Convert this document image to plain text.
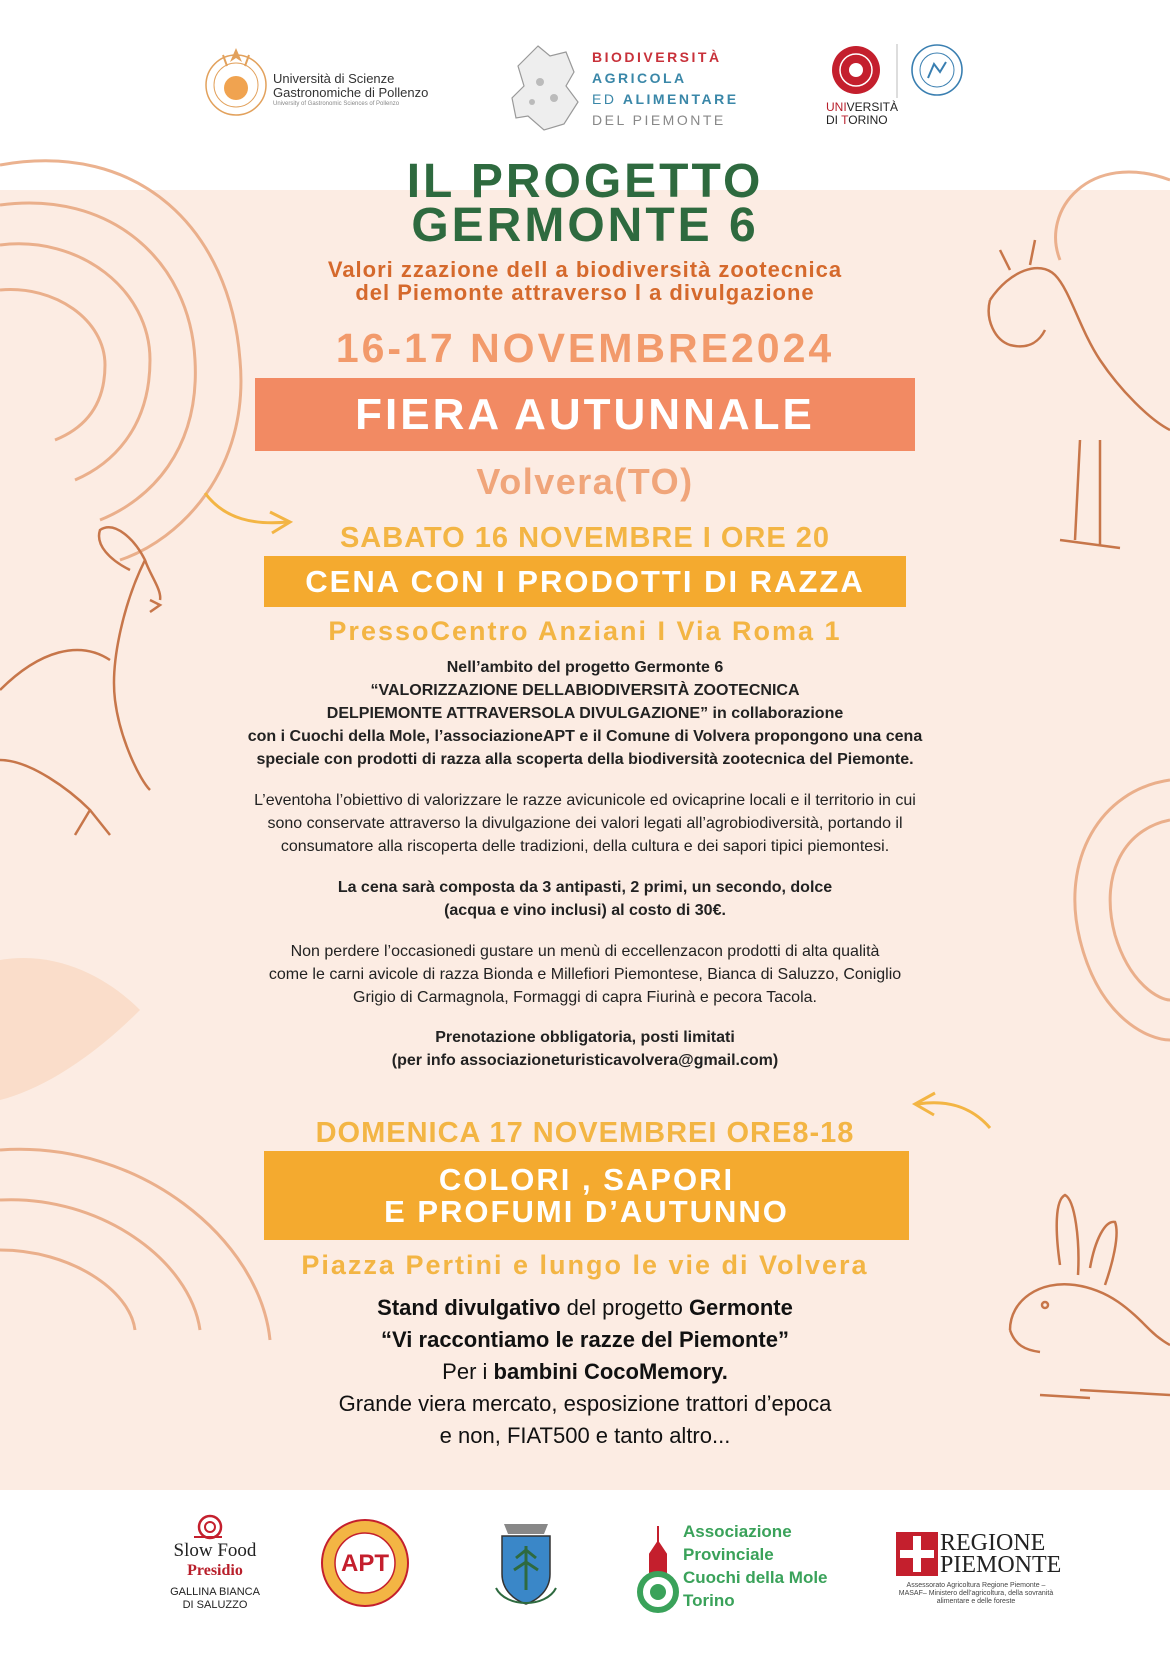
Università di Scienze
Gastronomiche di Pollenzo
University of Gastronomic Sciences of Pollenzo
BIODIVERSITÀ
AGRICOLA
ED ALIMENTARE
DEL PIEMONTE
UNIVERSITÀ
DI TORINO
IL PROGETTO
GERMONTE 6
Valori zzazione dell a biodiversità zootecnica
del Piemonte attraverso l a divulgazione
16-17 NOVEMBRE2024
FIERA AUTUNNALE
Volvera(TO)
SABATO 16 NOVEMBRE I ORE 20
CENA CON I PRODOTTI DI RAZZA
PressoCentro Anziani I Via Roma 1
Nell’ambito del progetto Germonte 6
“VALORIZZAZIONE DELLABIODIVERSITÀ ZOOTECNICA
DELPIEMONTE ATTRAVERSOLA DIVULGAZIONE” in collaborazione
con i Cuochi della Mole, l’associazioneAPT e il Comune di Volvera propongono una cena
speciale con prodotti di razza alla scoperta della biodiversità zootecnica del Piemonte.
L’eventoha l’obiettivo di valorizzare le razze avicunicole ed ovicaprine locali e il territorio in cui
sono conservate attraverso la divulgazione dei valori legati all’agrobiodiversità, portando il
consumatore alla riscoperta delle tradizioni, della cultura e dei sapori tipici piemontesi.
La cena sarà composta da 3 antipasti, 2 primi, un secondo, dolce
(acqua e vino inclusi) al costo di 30€.
Non perdere l’occasionedi gustare un menù di eccellenzacon prodotti di alta qualità
come le carni avicole di razza Bionda e Millefiori Piemontese, Bianca di Saluzzo, Coniglio
Grigio di Carmagnola, Formaggi di capra Fiurinà e pecora Tacola.
Prenotazione obbligatoria, posti limitati
(per info associazioneturisticavolvera@gmail.com)
DOMENICA 17 NOVEMBREI ORE8-18
COLORI , SAPORI
E PROFUMI D’AUTUNNO
Piazza Pertini e lungo le vie di Volvera
Stand divulgativo del progetto Germonte
“Vi raccontiamo le razze del Piemonte”
Per i bambini CocoMemory.
Grande viera mercato, esposizione trattori d’epoca
e non, FIAT500 e tanto altro...
Slow Food
Presidio
GALLINA BIANCA
DI SALUZZO
APT
Associazione
Provinciale
Cuochi della Mole
Torino
REGIONE
PIEMONTE
Assessorato Agricoltura Regione Piemonte – MASAF– Ministero dell’agricoltura, della sovranità alimentare e delle foreste
